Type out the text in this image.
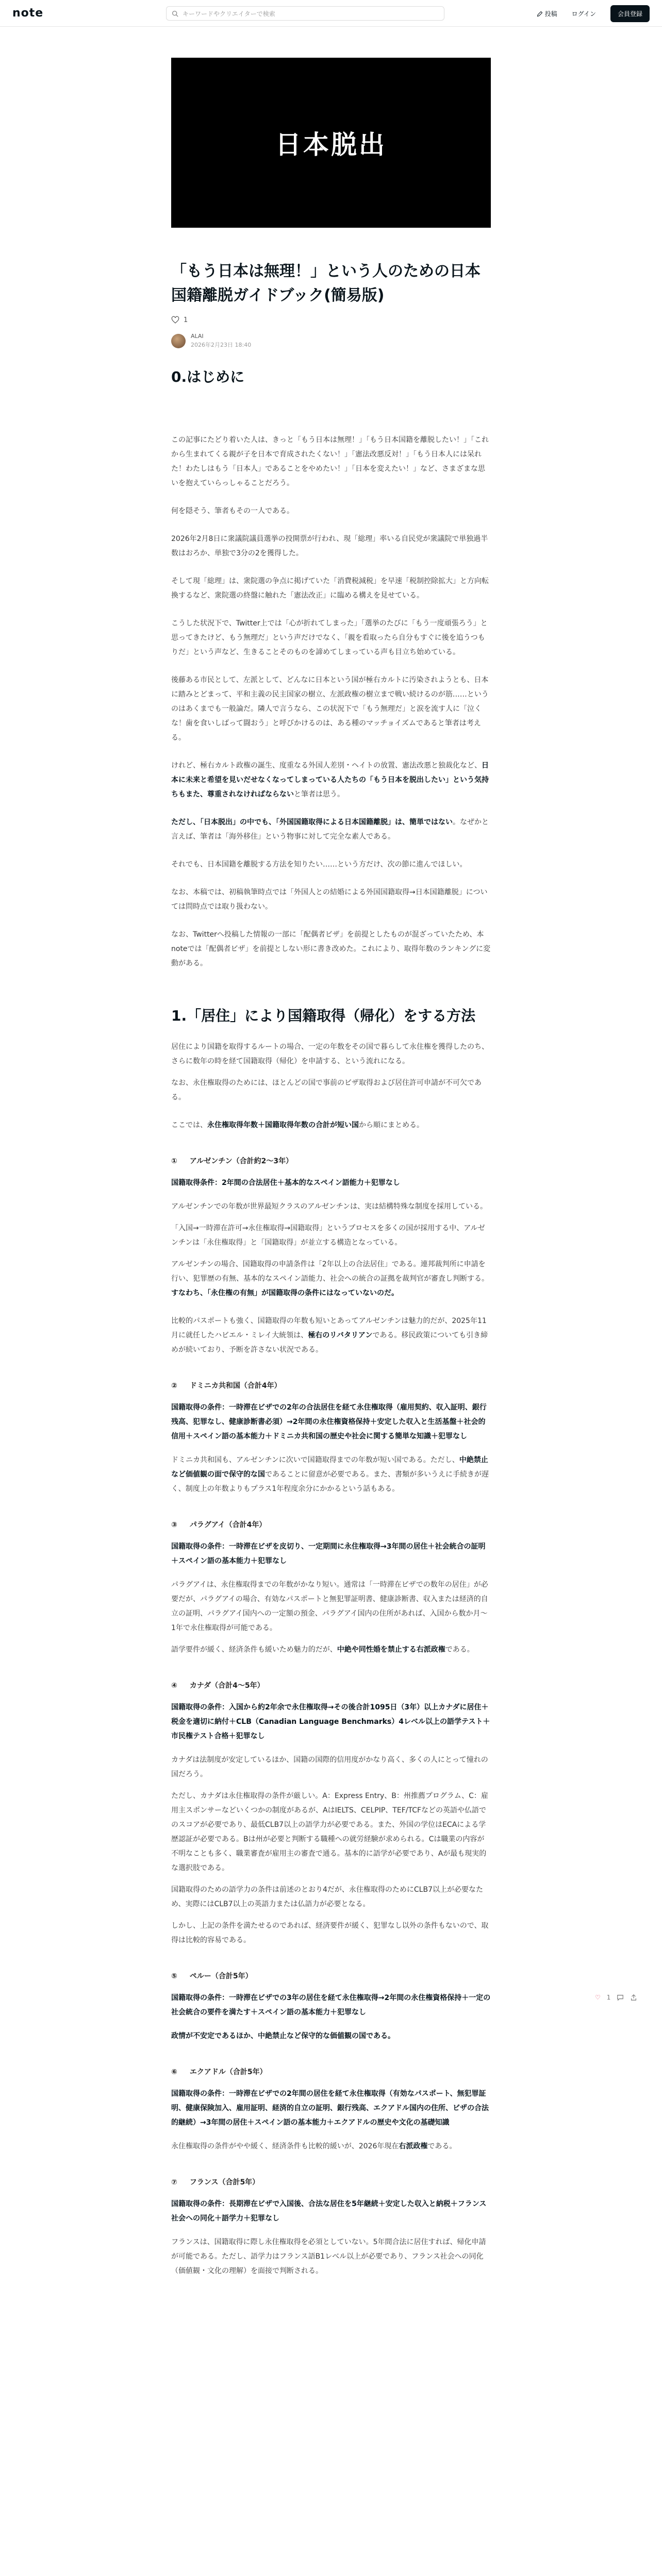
note	キーワードやクリエイターで検索	投稿	ログイン	会員登録
日本脱出
「もう日本は無理！」という人のための日本国籍離脱ガイドブック(簡易版)
1
ALAI
2026年2月23日 18:40
0.はじめに

この記事にたどり着いた人は、きっと「もう日本は無理！」「もう日本国籍を離脱したい！」「これから生まれてくる親が子を日本で育成されたくない！」「憲法改悪反対！」「もう日本人には呆れた！わたしはもう「日本人」であることをやめたい！」「日本を変えたい！」など、さまざまな思いを抱えていらっしゃることだろう。

何を隠そう、筆者もその一人である。

2026年2月8日に衆議院議員選挙の投開票が行われ、現「総理」率いる自民党が衆議院で単独過半数はおろか、単独で3分の2を獲得した。

そして現「総理」は、衆院選の争点に掲げていた「消費税減税」を早速「税制控除拡大」と方向転換するなど、衆院選の終盤に触れた「憲法改正」に臨める構えを見せている。

こうした状況下で、Twitter上では「心が折れてしまった」「選挙のたびに「もう一度頑張ろう」と思ってきたけど、もう無理だ」という声だけでなく、「親を看取ったら自分もすぐに後を追うつもりだ」という声など、生きることそのものを諦めてしまっている声も目立ち始めている。

後藤ある市民として、左派として、どんなに日本という国が極右カルトに汚染されようとも、日本に踏みとどまって、平和主義の民主国家の樹立、左派政権の樹立まで戦い続けるのが筋……というのはあくまでも一般論だ。隣人で言うなら、この状況下で「もう無理だ」と涙を流す人に「泣くな！歯を食いしばって闘おう」と呼びかけるのは、ある種のマッチョイズムであると筆者は考える。

けれど、極右カルト政権の誕生、度重なる外国人差別・ヘイトの放置、憲法改悪と独裁化など、日本に未来と希望を見いだせなくなってしまっている人たちの「もう日本を脱出したい」という気持ちもまた、尊重されなければならないと筆者は思う。

ただし、「日本脱出」の中でも、「外国国籍取得による日本国籍離脱」は、簡単ではない。なぜかと言えば、筆者は「海外移住」という物事に対して完全な素人である。

それでも、日本国籍を離脱する方法を知りたい……という方だけ、次の節に進んでほしい。

なお、本稿では、初稿執筆時点では「外国人との結婚による外国国籍取得→日本国籍離脱」については問時点では取り扱わない。

なお、Twitterへ投稿した情報の一部に「配偶者ビザ」を前提としたものが混ざっていたため、本noteでは「配偶者ビザ」を前提としない形に書き改めた。これにより、取得年数のランキングに変動がある。

1.「居住」により国籍取得（帰化）をする方法

居住により国籍を取得するルートの場合、一定の年数をその国で暮らして永住権を獲得したのち、さらに数年の時を経て国籍取得（帰化）を申請する、という流れになる。

なお、永住権取得のためには、ほとんどの国で事前のビザ取得および居住許可申請が不可欠である。

ここでは、永住権取得年数＋国籍取得年数の合計が短い国から順にまとめる。

① アルゼンチン（合計約2〜3年）
国籍取得条件：2年間の合法居住＋基本的なスペイン語能力＋犯罪なし

アルゼンチンでの年数が世界最短クラスのアルゼンチンは、実は結構特殊な制度を採用している。

「入国→一時滞在許可→永住権取得→国籍取得」というプロセスを多くの国が採用する中、アルゼンチンは「永住権取得」と「国籍取得」が並立する構造となっている。

アルゼンチンの場合、国籍取得の申請条件は「2年以上の合法居住」である。連邦裁判所に申請を行い、犯罪歴の有無、基本的なスペイン語能力、社会への統合の証拠を裁判官が審査し判断する。すなわち、「永住権の有無」が国籍取得の条件にはなっていないのだ。

比較的パスポートも強く、国籍取得の年数も短いとあってアルゼンチンは魅力的だが、2025年11月に就任したハビエル・ミレイ大統領は、極右のリバタリアンである。移民政策についても引き締めが続いており、予断を許さない状況である。

② ドミニカ共和国（合計4年）
国籍取得の条件：一時滞在ビザでの2年の合法居住を経て永住権取得（雇用契約、収入証明、銀行残高、犯罪なし、健康診断書必須）→2年間の永住権資格保持＋安定した収入と生活基盤＋社会的信用＋スペイン語の基本能力＋ドミニカ共和国の歴史や社会に関する簡単な知識＋犯罪なし

ドミニカ共和国も、アルゼンチンに次いで国籍取得までの年数が短い国である。ただし、中絶禁止など価値観の面で保守的な国であることに留意が必要である。また、書類が多いうえに手続きが遅く、制度上の年数よりもプラス1年程度余分にかかるという話もある。

③ パラグアイ（合計4年）
国籍取得の条件：一時滞在ビザを皮切り、一定期間に永住権取得→3年間の居住＋社会統合の証明＋スペイン語の基本能力＋犯罪なし

パラグアイは、永住権取得までの年数がかなり短い。通常は「一時滞在ビザでの数年の居住」が必要だが、パラグアイの場合、有効なパスポートと無犯罪証明書、健康診断書、収入または経済的自立の証明、パラグアイ国内への一定額の預金、パラグアイ国内の住所があれば、入国から数か月〜1年で永住権取得が可能である。

語学要件が緩く、経済条件も緩いため魅力的だが、中絶や同性婚を禁止する右派政権である。

④ カナダ（合計4〜5年）
国籍取得の条件：入国から約2年余で永住権取得→その後合計1095日（3年）以上カナダに居住＋税金を適切に納付＋CLB（Canadian Language Benchmarks）4レベル以上の語学テスト＋市民権テスト合格＋犯罪なし

カナダは法制度が安定しているほか、国籍の国際的信用度がかなり高く、多くの人にとって憧れの国だろう。

ただし、カナダは永住権取得の条件が厳しい。A：Express Entry、B：州推薦プログラム、C：雇用主スポンサーなどいくつかの制度があるが、AはIELTS、CELPIP、TEF/TCFなどの英語や仏語でのスコアが必要であり、最低CLB7以上の語学力が必要である。また、外国の学位はECAによる学歴認証が必要である。Bは州が必要と判断する職種への就労経験が求められる。Cは職業の内容が不明なことも多く、職業審査が雇用主の審査で通る。基本的に語学が必要であり、Aが最も現実的な選択肢である。

国籍取得のための語学力の条件は前述のとおり4だが、永住権取得のためにCLB7以上が必要なため、実際にはCLB7以上の英語力または仏語力が必要となる。

しかし、上記の条件を満たせるのであれば、経済要件が緩く、犯罪なし以外の条件もないので、取得は比較的容易である。

⑤ ペルー（合計5年）
国籍取得の条件：一時滞在ビザでの3年の居住を経て永住権取得→2年間の永住権資格保持＋一定の社会統合の要件を満たす＋スペイン語の基本能力＋犯罪なし
政情が不安定であるほか、中絶禁止など保守的な価値観の国である。
⑥ エクアドル（合計5年）
国籍取得の条件：一時滞在ビザでの2年間の居住を経て永住権取得（有効なパスポート、無犯罪証明、健康保険加入、雇用証明、経済的自立の証明、銀行残高、エクアドル国内の住所、ビザの合法的継続）→3年間の居住＋スペイン語の基本能力＋エクアドルの歴史や文化の基礎知識

永住権取得の条件がやや緩く、経済条件も比較的緩いが、2026年現在右派政権である。

⑦ フランス（合計5年）
国籍取得の条件：長期滞在ビザで入国後、合法な居住を5年継続＋安定した収入と納税＋フランス社会への同化＋語学力＋犯罪なし

フランスは、国籍取得に際し永住権取得を必須としていない。5年間合法に居住すれば、帰化申請が可能である。ただし、語学力はフランス語B1レベル以上が必要であり、フランス社会への同化（価値観・文化の理解）を面接で判断される。

♡ 1
